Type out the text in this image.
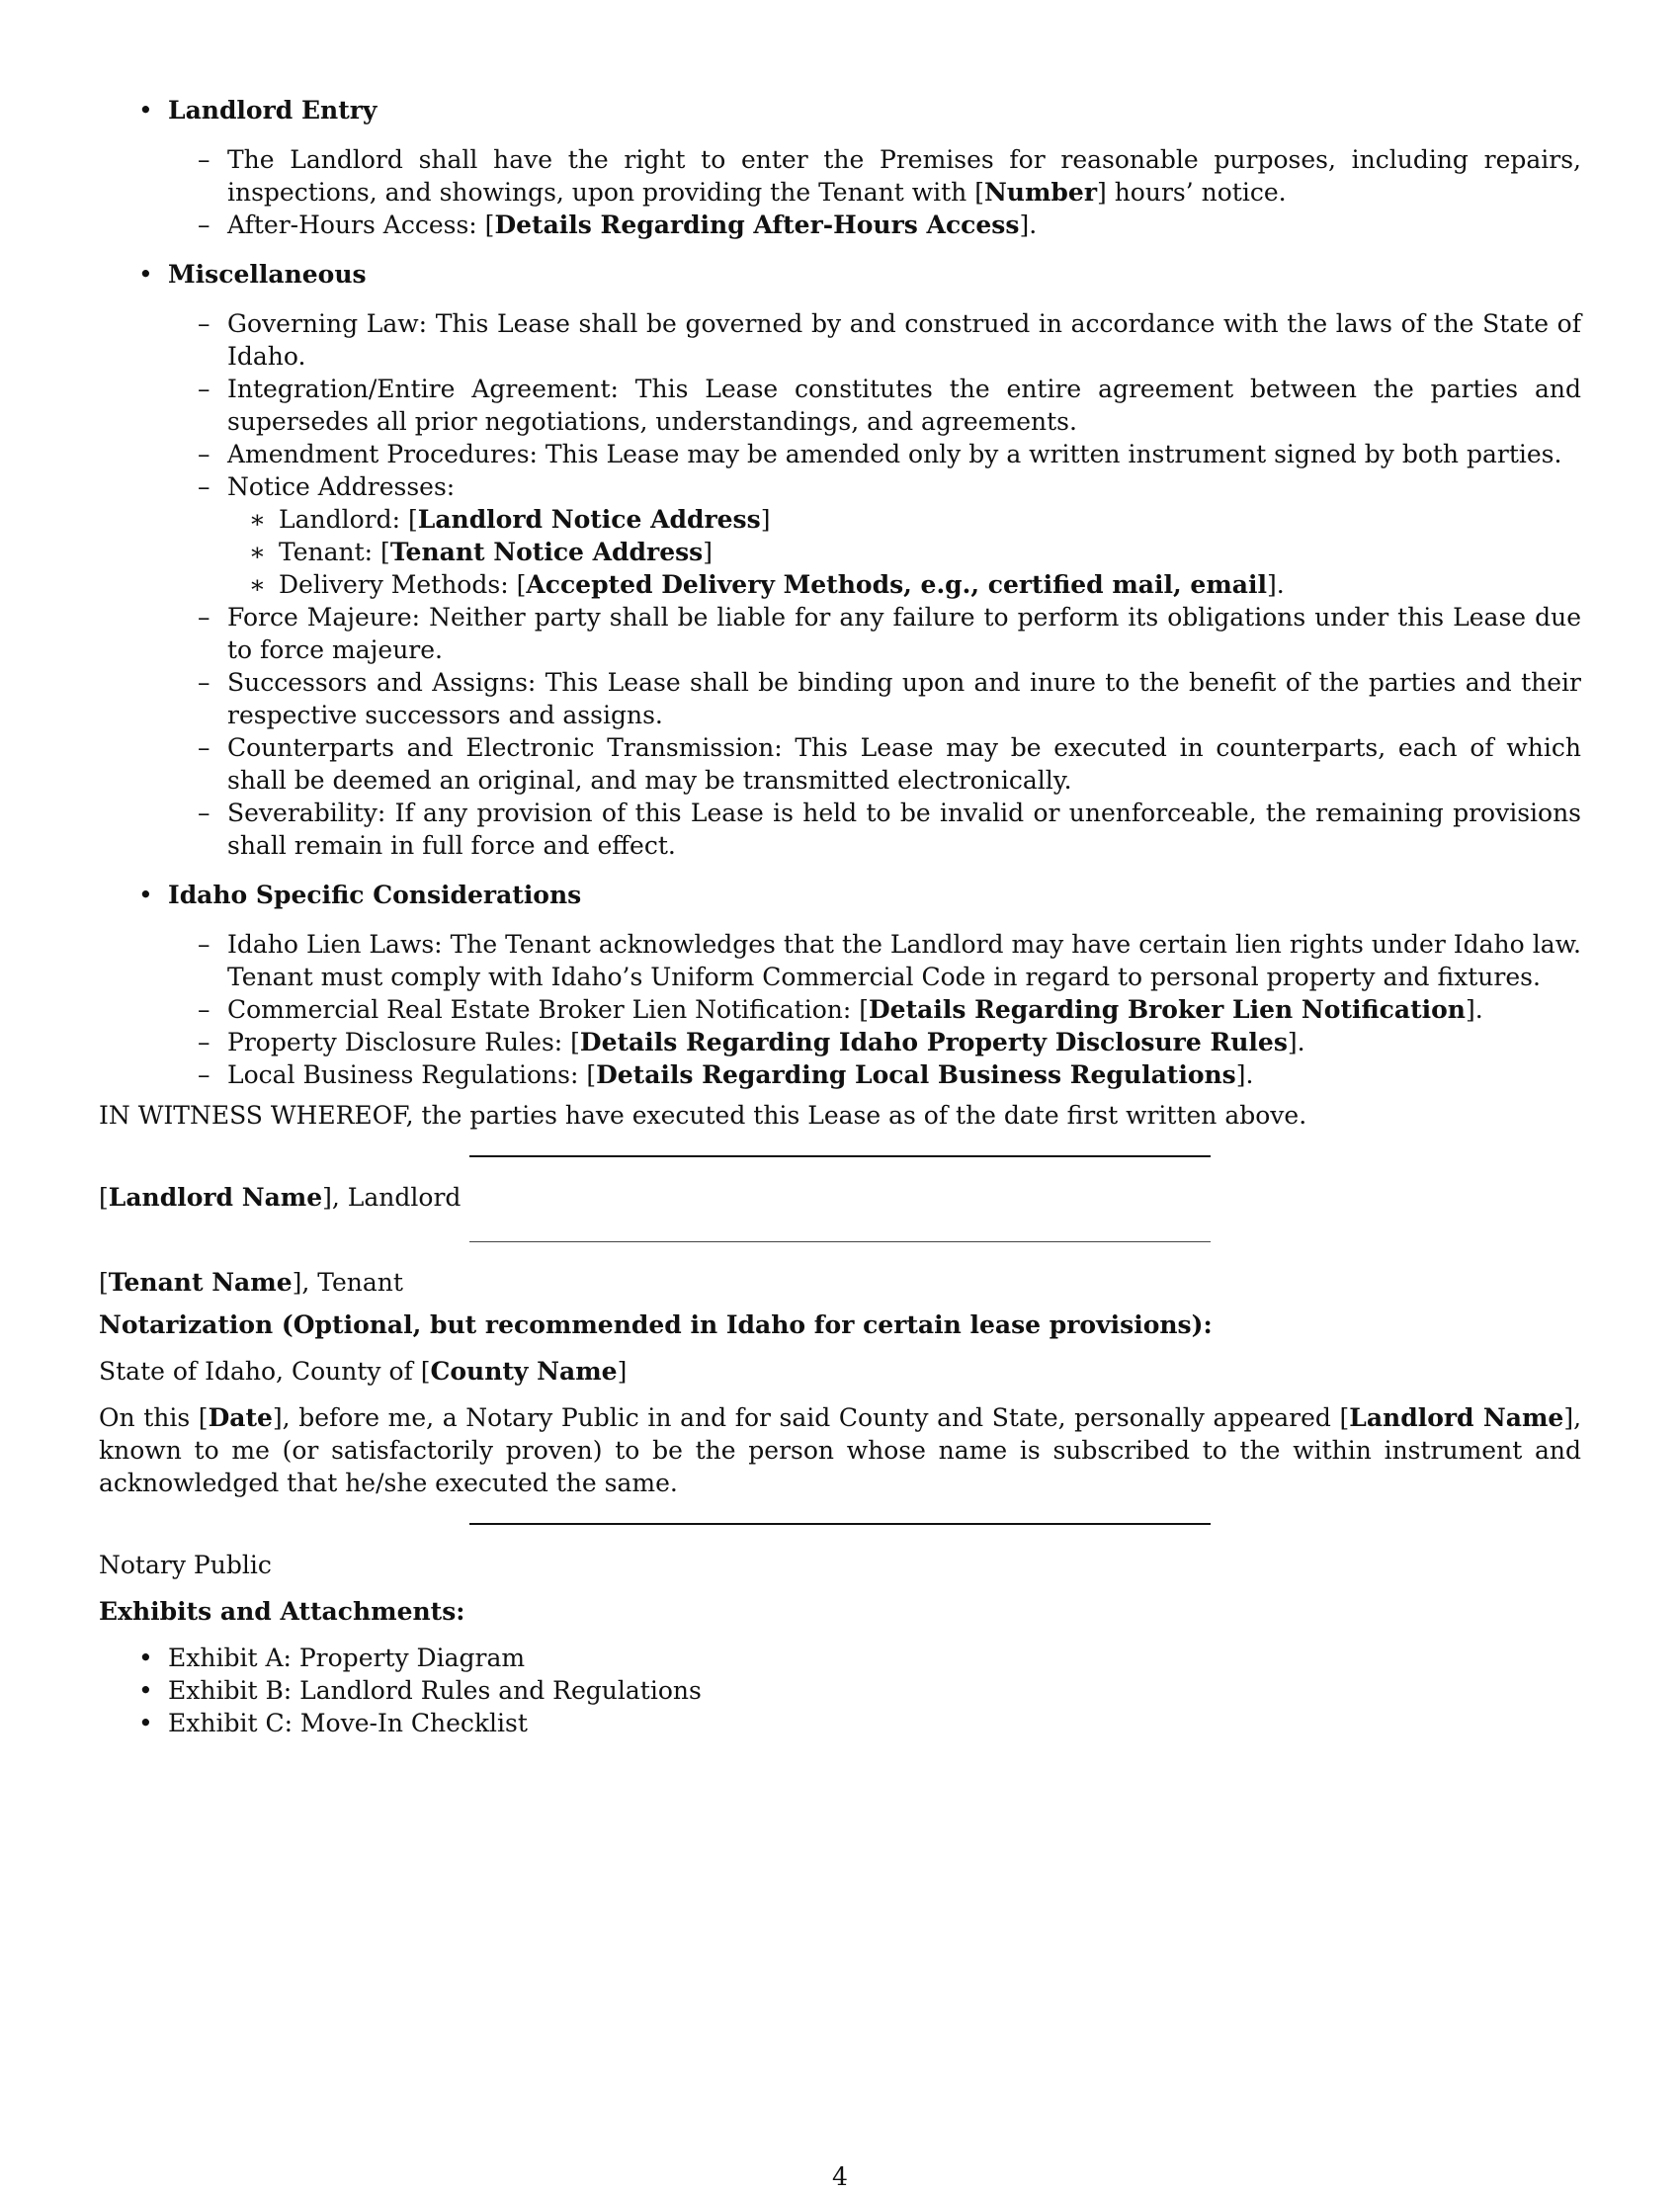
• Landlord Entry
– The Landlord shall have the right to enter the Premises for reasonable purposes, including repairs, inspections, and showings, upon providing the Tenant with [Number] hours’ notice.
– After-Hours Access: [Details Regarding After-Hours Access].
• Miscellaneous
– Governing Law: This Lease shall be governed by and construed in accordance with the laws of the State of Idaho.
– Integration/Entire Agreement: This Lease constitutes the entire agreement between the parties and supersedes all prior negotiations, understandings, and agreements.
– Amendment Procedures: This Lease may be amended only by a written instrument signed by both parties.
– Notice Addresses:
∗ Landlord: [Landlord Notice Address]
∗ Tenant: [Tenant Notice Address]
∗ Delivery Methods: [Accepted Delivery Methods, e.g., certified mail, email].
– Force Majeure: Neither party shall be liable for any failure to perform its obligations under this Lease due to force majeure.
– Successors and Assigns: This Lease shall be binding upon and inure to the benefit of the parties and their respective successors and assigns.
– Counterparts and Electronic Transmission: This Lease may be executed in counterparts, each of which shall be deemed an original, and may be transmitted electronically.
– Severability: If any provision of this Lease is held to be invalid or unenforceable, the remaining provisions shall remain in full force and effect.
• Idaho Specific Considerations
– Idaho Lien Laws: The Tenant acknowledges that the Landlord may have certain lien rights under Idaho law. Tenant must comply with Idaho’s Uniform Commercial Code in regard to personal property and fixtures.
– Commercial Real Estate Broker Lien Notification: [Details Regarding Broker Lien Notification].
– Property Disclosure Rules: [Details Regarding Idaho Property Disclosure Rules].
– Local Business Regulations: [Details Regarding Local Business Regulations].

IN WITNESS WHEREOF, the parties have executed this Lease as of the date first written above.

[Landlord Name], Landlord

[Tenant Name], Tenant

Notarization (Optional, but recommended in Idaho for certain lease provisions):

State of Idaho, County of [County Name]

On this [Date], before me, a Notary Public in and for said County and State, personally appeared [Landlord Name], known to me (or satisfactorily proven) to be the person whose name is subscribed to the within instrument and acknowledged that he/she executed the same.

Notary Public

Exhibits and Attachments:

• Exhibit A: Property Diagram
• Exhibit B: Landlord Rules and Regulations
• Exhibit C: Move-In Checklist
4
